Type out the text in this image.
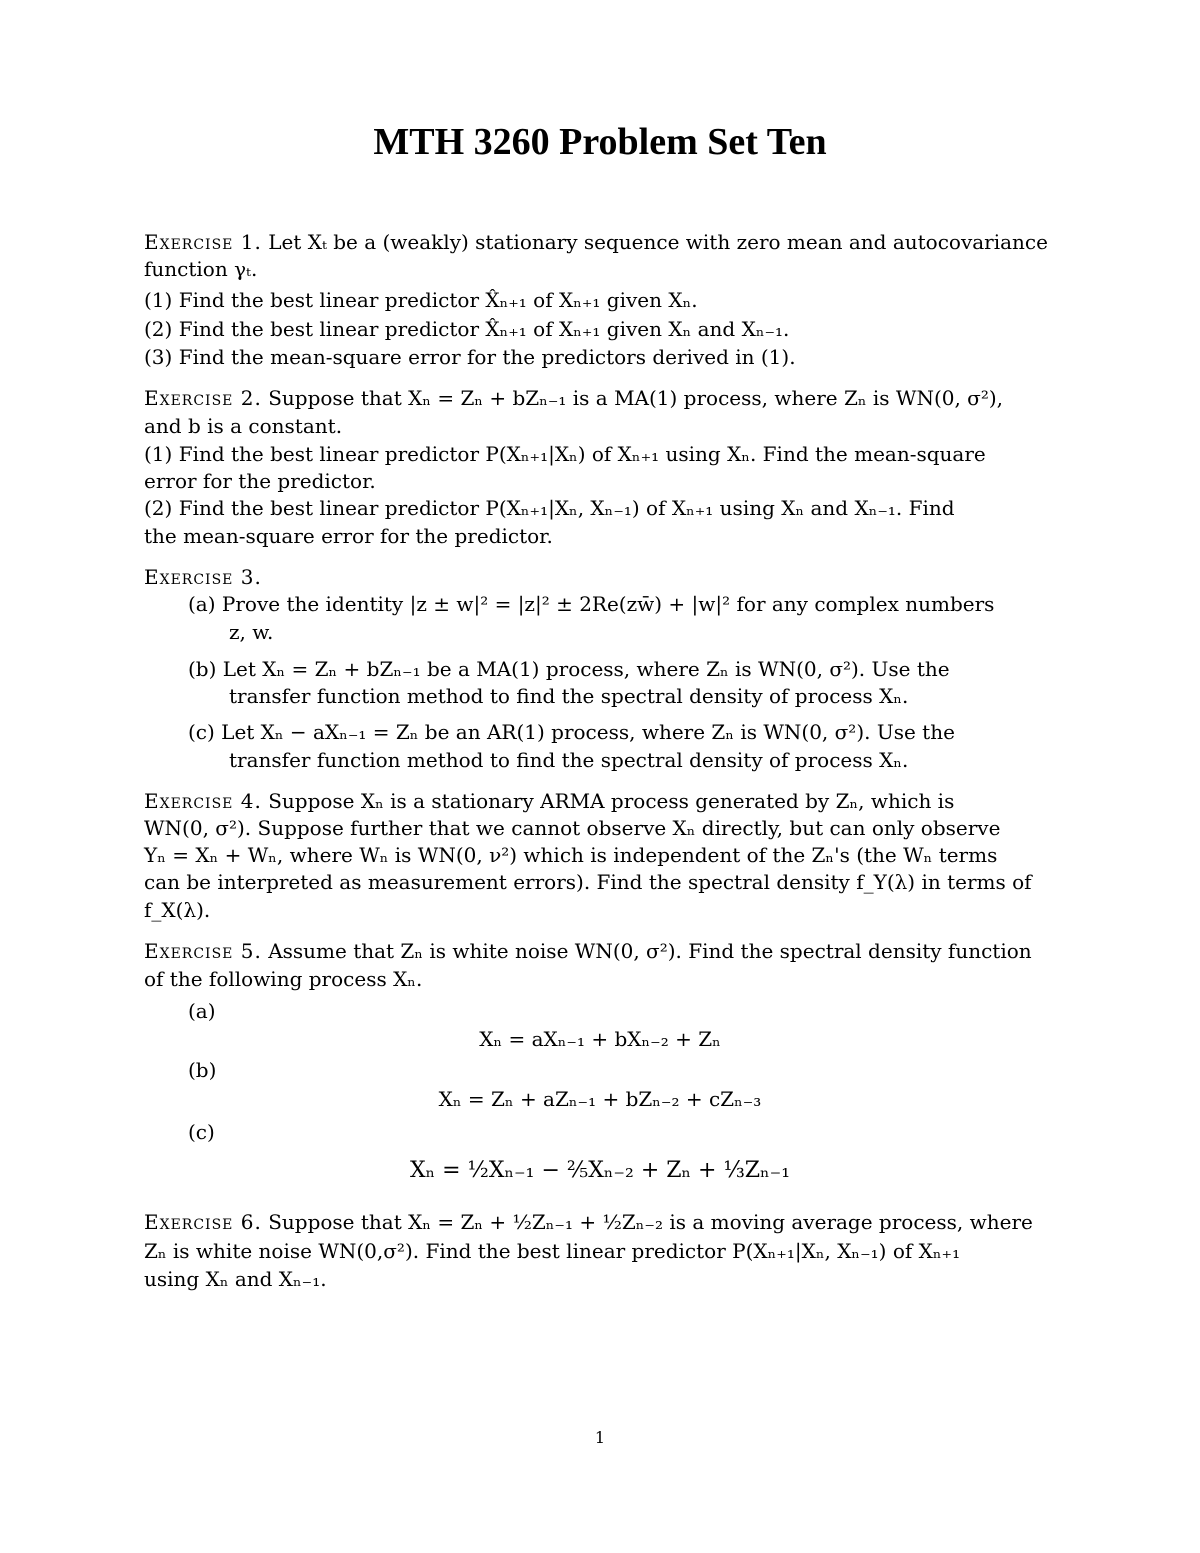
MTH 3260 Problem Set Ten
Exercise 1. Let Xₜ be a (weakly) stationary sequence with zero mean and autocovariance
function γₜ.
(1) Find the best linear predictor X̂ₙ₊₁ of Xₙ₊₁ given Xₙ.
(2) Find the best linear predictor X̂ₙ₊₁ of Xₙ₊₁ given Xₙ and Xₙ₋₁.
(3) Find the mean-square error for the predictors derived in (1).
Exercise 2. Suppose that Xₙ = Zₙ + bZₙ₋₁ is a MA(1) process, where Zₙ is WN(0, σ²),
and b is a constant.
(1) Find the best linear predictor P(Xₙ₊₁|Xₙ) of Xₙ₊₁ using Xₙ. Find the mean-square
error for the predictor.
(2) Find the best linear predictor P(Xₙ₊₁|Xₙ, Xₙ₋₁) of Xₙ₊₁ using Xₙ and Xₙ₋₁. Find
the mean-square error for the predictor.
Exercise 3.
(a) Prove the identity |z ± w|² = |z|² ± 2Re(zw̄) + |w|² for any complex numbers
z, w.
(b) Let Xₙ = Zₙ + bZₙ₋₁ be a MA(1) process, where Zₙ is WN(0, σ²). Use the
transfer function method to find the spectral density of process Xₙ.
(c) Let Xₙ − aXₙ₋₁ = Zₙ be an AR(1) process, where Zₙ is WN(0, σ²). Use the
transfer function method to find the spectral density of process Xₙ.
Exercise 4. Suppose Xₙ is a stationary ARMA process generated by Zₙ, which is
WN(0, σ²). Suppose further that we cannot observe Xₙ directly, but can only observe
Yₙ = Xₙ + Wₙ, where Wₙ is WN(0, ν²) which is independent of the Zₙ's (the Wₙ terms
can be interpreted as measurement errors). Find the spectral density f_Y(λ) in terms of
f_X(λ).
Exercise 5. Assume that Zₙ is white noise WN(0, σ²). Find the spectral density function
of the following process Xₙ.
(a)
Xₙ = aXₙ₋₁ + bXₙ₋₂ + Zₙ
(b)
Xₙ = Zₙ + aZₙ₋₁ + bZₙ₋₂ + cZₙ₋₃
(c)
Xₙ = ½Xₙ₋₁ − ⅖Xₙ₋₂ + Zₙ + ⅓Zₙ₋₁
Exercise 6. Suppose that Xₙ = Zₙ + ½Zₙ₋₁ + ½Zₙ₋₂ is a moving average process, where
Zₙ is white noise WN(0,σ²). Find the best linear predictor P(Xₙ₊₁|Xₙ, Xₙ₋₁) of Xₙ₊₁
using Xₙ and Xₙ₋₁.
1
